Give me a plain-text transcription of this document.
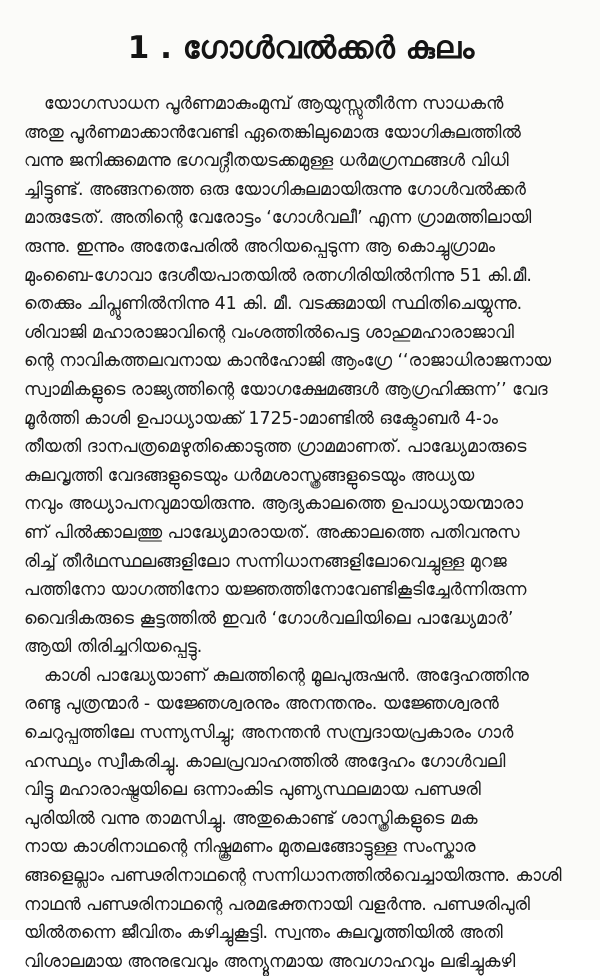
1 . ഗോൾവൽക്കർ കുലം
യോഗസാധന പൂർണമാകുംമുമ്പ് ആയുസ്സുതീർന്ന സാധകൻ
അതു പൂർണമാക്കാൻവേണ്ടി ഏതെങ്കിലുമൊരു യോഗികുലത്തിൽ
വന്നു ജനിക്കുമെന്നു ഭഗവദ്ഗീതയടക്കമുള്ള ധർമഗ്രന്ഥങ്ങൾ വിധി
ച്ചിട്ടുണ്ട്. അങ്ങനത്തെ ഒരു യോഗികുലമായിരുന്നു ഗോൾവൽക്കർ
മാരുടേത്. അതിന്റെ വേരോട്ടം ‘ഗോൾവലീ’ എന്ന ഗ്രാമത്തിലായി
രുന്നു. ഇന്നും അതേപേരിൽ അറിയപ്പെടുന്ന ആ കൊച്ചുഗ്രാമം
മുംബൈ-ഗോവാ ദേശീയപാതയിൽ രത്നഗിരിയിൽനിന്നു 51 കി.മീ.
തെക്കും ചിപ്ലൂണിൽനിന്നു 41 കി. മീ. വടക്കുമായി സ്ഥിതിചെയ്യുന്നു.
ശിവാജി മഹാരാജാവിന്റെ വംശത്തിൽപെട്ട ശാഹുമഹാരാജാവി
ന്റെ നാവികത്തലവനായ കാൻഹോജി ആംഗ്രേ ‘‘രാജാധിരാജനായ
സ്വാമികളുടെ രാജ്യത്തിന്റെ യോഗക്ഷേമങ്ങൾ ആഗ്രഹിക്കുന്ന’’ വേദ
മൂർത്തി കാശി ഉപാധ്യായക്ക് 1725-ാമാണ്ടിൽ ഒക്ടോബർ 4-ാം
തീയതി ദാനപത്രമെഴുതിക്കൊടുത്ത ഗ്രാമമാണത്. പാദ്ധ്യേമാരുടെ
കുലവൃത്തി വേദങ്ങളുടെയും ധർമശാസ്ത്രങ്ങളുടെയും അധ്യയ
നവും അധ്യാപനവുമായിരുന്നു. ആദ്യകാലത്തെ ഉപാധ്യായന്മാരാ
ണ് പിൽക്കാലത്തു പാദ്ധ്യേമാരായത്. അക്കാലത്തെ പതിവനുസ
രിച്ച് തീർഥസ്ഥലങ്ങളിലോ സന്നിധാനങ്ങളിലോവെച്ചുള്ള മുറജ
പത്തിനോ യാഗത്തിനോ യജ്ഞത്തിനോവേണ്ടികൂടിച്ചേർന്നിരുന്ന
വൈദികരുടെ കൂട്ടത്തിൽ ഇവർ ‘ഗോൾവലിയിലെ പാദ്ധ്യേമാർ’
ആയി തിരിച്ചറിയപ്പെട്ടു.
കാശി പാദ്ധ്യേയാണ് കുലത്തിന്റെ മൂലപുരുഷൻ. അദ്ദേഹത്തിനു
രണ്ടു പുത്രന്മാർ - യജ്ഞേശ്വരനും അനന്തനും. യജ്ഞേശ്വരൻ
ചെറുപ്പത്തിലേ സന്ന്യസിച്ചു; അനന്തൻ സമ്പ്രദായപ്രകാരം ഗാർ
ഹസ്ഥ്യം സ്വീകരിച്ചു. കാലപ്രവാഹത്തിൽ അദ്ദേഹം ഗോൾവലി
വിട്ടു മഹാരാഷ്ട്രയിലെ ഒന്നാംകിട പുണ്യസ്ഥലമായ പണ്ഢരി
പുരിയിൽ വന്നു താമസിച്ചു. അതുകൊണ്ട് ശാസ്ത്രികളുടെ മക
നായ കാശിനാഥന്റെ നിഷ്ക്രമണം മുതലങ്ങോട്ടുള്ള സംസ്കാര
ങ്ങളെല്ലാം പണ്ഢരിനാഥന്റെ സന്നിധാനത്തിൽവെച്ചായിരുന്നു. കാശി
നാഥൻ പണ്ഢരിനാഥന്റെ പരമഭക്തനായി വളർന്നു. പണ്ഢരിപുരി
യിൽതന്നെ ജീവിതം കഴിച്ചുകൂട്ടി. സ്വന്തം കുലവൃത്തിയിൽ അതി
വിശാലമായ അനുഭവവും അന്യൂനമായ അവഗാഹവും ലഭിച്ചുകഴി
